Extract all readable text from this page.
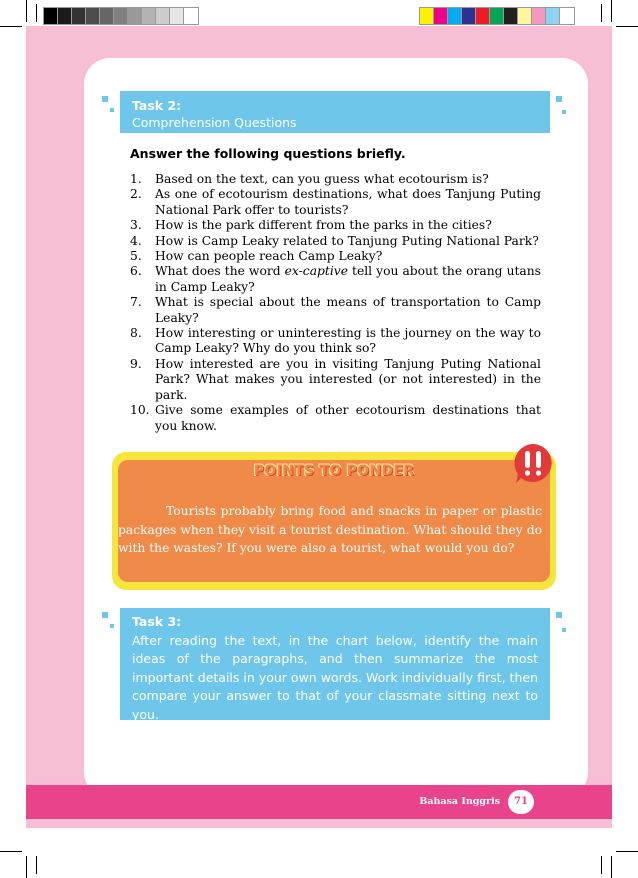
Task 2:
Comprehension Questions
Answer the following questions briefly.
1.	Based on the text, can you guess what ecotourism is?
2.	As one of ecotourism destinations, what does Tanjung Puting National Park offer to tourists?
3.	How is the park different from the parks in the cities?
4.	How is Camp Leaky related to Tanjung Puting National Park?
5.	How can people reach Camp Leaky?
6.	What does the word ex-captive tell you about the orang utans in Camp Leaky?
7.	What is special about the means of transportation to Camp Leaky?
8.	How interesting or uninteresting is the journey on the way to Camp Leaky? Why do you think so?
9.	How interested are you in visiting Tanjung Puting National Park? What makes you interested (or not interested) in the park.
10. Give some examples of other ecotourism destinations that you know.
POINTS TO PONDER
Tourists probably bring food and snacks in paper or plastic packages when they visit a tourist destination. What should they do with the wastes? If you were also a tourist, what would you do?
Task 3:
After reading the text, in the chart below, identify the main ideas of the paragraphs, and then summarize the most important details in your own words. Work individually first, then compare your answer to that of your classmate sitting next to you.
Bahasa Inggris	71
